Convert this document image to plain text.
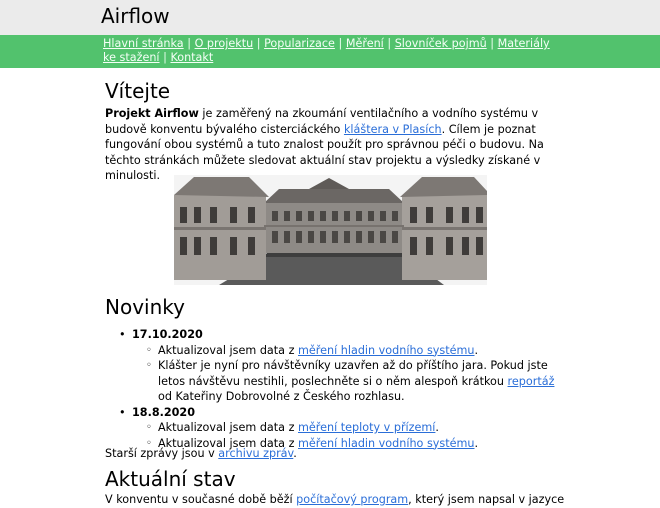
Airflow
Hlavní stránka | O projektu | Popularizace | Měření | Slovníček pojmů | Materiály ke stažení | Kontakt
Vítejte

Projekt Airflow je zaměřený na zkoumání ventilačního a vodního systému v budově konventu bývalého cisterciáckého kláštera v Plasích. Cílem je poznat fungování obou systémů a tuto znalost použít pro správnou péči o budovu. Na těchto stránkách můžete sledovat aktuální stav projektu a výsledky získané v minulosti.

Novinky
• 17.10.2020
◦ Aktualizoval jsem data z měření hladin vodního systému.
◦ Klášter je nyní pro návštěvníky uzavřen až do příštího jara. Pokud jste letos návštěvu nestihli, poslechněte si o něm alespoň krátkou reportáž od Kateřiny Dobrovolné z Českého rozhlasu.
• 18.8.2020
◦ Aktualizoval jsem data z měření teploty v přízemí.
◦ Aktualizoval jsem data z měření hladin vodního systému.

Starší zprávy jsou v archivu zpráv.

Aktuální stav

V konventu v současné době běží počítačový program, který jsem napsal v jazyce
